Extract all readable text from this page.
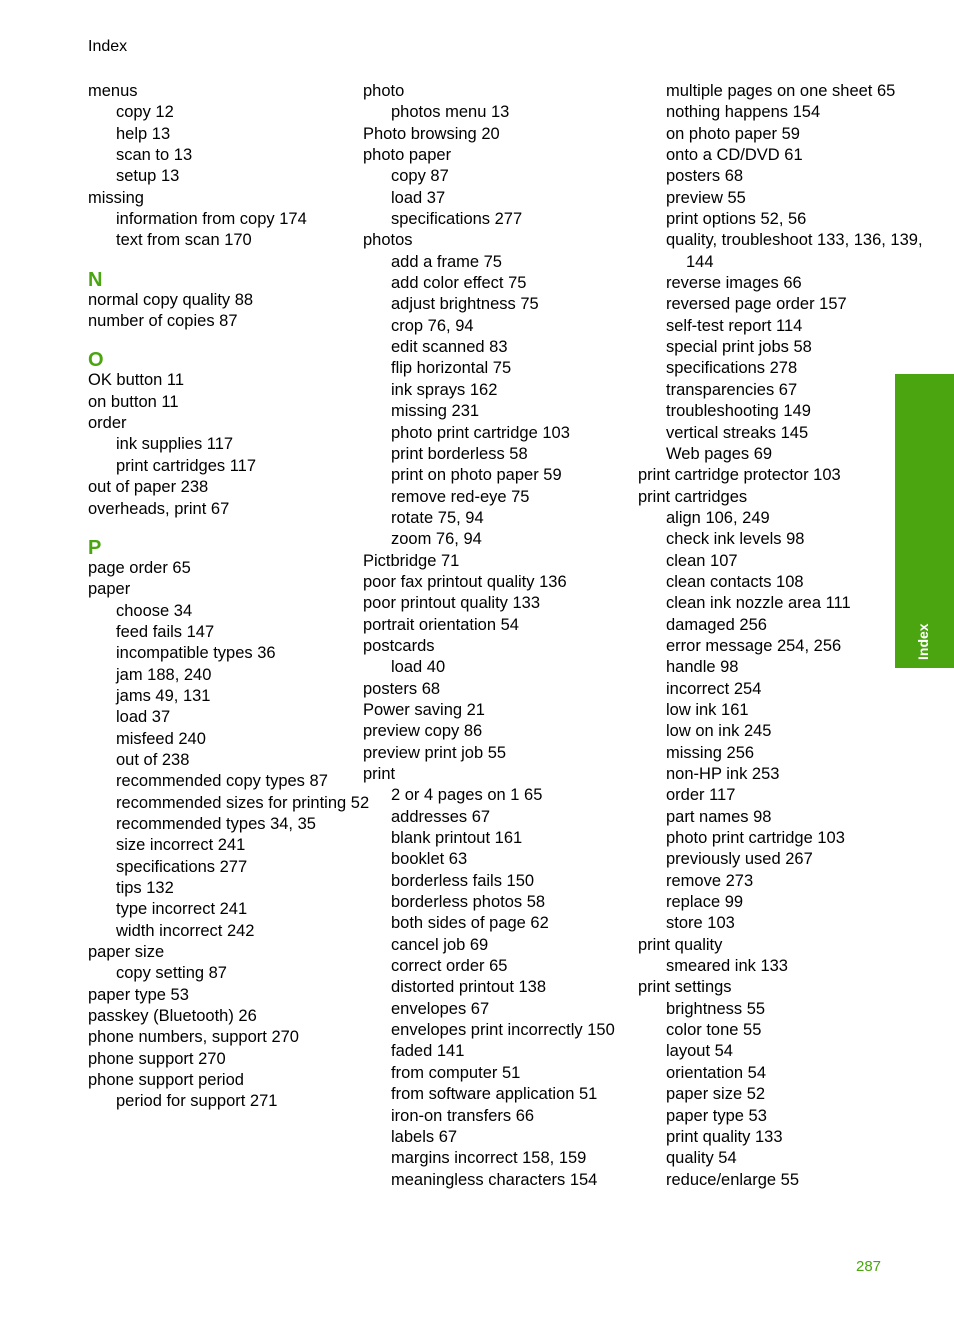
Index
menus
copy 12
help 13
scan to 13
setup 13
missing
information from copy 174
text from scan 170
N
normal copy quality 88
number of copies 87
O
OK button 11
on button 11
order
ink supplies 117
print cartridges 117
out of paper 238
overheads, print 67
P
page order 65
paper
choose 34
feed fails 147
incompatible types 36
jam 188, 240
jams 49, 131
load 37
misfeed 240
out of 238
recommended copy types 87
recommended sizes for printing 52
recommended types 34, 35
size incorrect 241
specifications 277
tips 132
type incorrect 241
width incorrect 242
paper size
copy setting 87
paper type 53
passkey (Bluetooth) 26
phone numbers, support 270
phone support 270
phone support period
period for support 271
photo
photos menu 13
Photo browsing 20
photo paper
copy 87
load 37
specifications 277
photos
add a frame 75
add color effect 75
adjust brightness 75
crop 76, 94
edit scanned 83
flip horizontal 75
ink sprays 162
missing 231
photo print cartridge 103
print borderless 58
print on photo paper 59
remove red-eye 75
rotate 75, 94
zoom 76, 94
Pictbridge 71
poor fax printout quality 136
poor printout quality 133
portrait orientation 54
postcards
load 40
posters 68
Power saving 21
preview copy 86
preview print job 55
print
2 or 4 pages on 1 65
addresses 67
blank printout 161
booklet 63
borderless fails 150
borderless photos 58
both sides of page 62
cancel job 69
correct order 65
distorted printout 138
envelopes 67
envelopes print incorrectly 150
faded 141
from computer 51
from software application 51
iron-on transfers 66
labels 67
margins incorrect 158, 159
meaningless characters 154
multiple pages on one sheet 65
nothing happens 154
on photo paper 59
onto a CD/DVD 61
posters 68
preview 55
print options 52, 56
quality, troubleshoot 133, 136, 139, 144
reverse images 66
reversed page order 157
self-test report 114
special print jobs 58
specifications 278
transparencies 67
troubleshooting 149
vertical streaks 145
Web pages 69
print cartridge protector 103
print cartridges
align 106, 249
check ink levels 98
clean 107
clean contacts 108
clean ink nozzle area 111
damaged 256
error message 254, 256
handle 98
incorrect 254
low ink 161
low on ink 245
missing 256
non-HP ink 253
order 117
part names 98
photo print cartridge 103
previously used 267
remove 273
replace 99
store 103
print quality
smeared ink 133
print settings
brightness 55
color tone 55
layout 54
orientation 54
paper size 52
paper type 53
print quality 133
quality 54
reduce/enlarge 55
Index
287
